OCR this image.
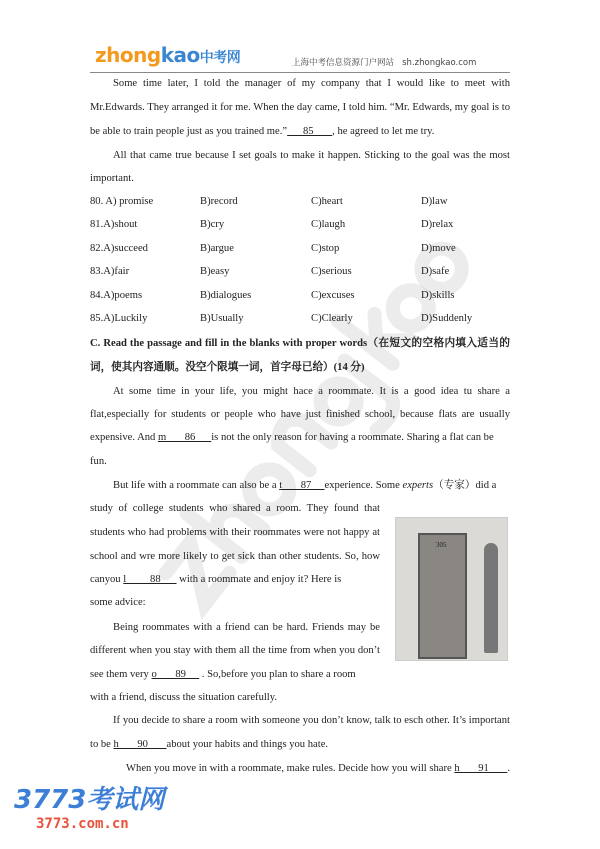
zhongkao中考网	上海中考信息资源门户网站 sh.zhongkao.com
Some time later, I told the manager of my company that I would like to meet with
Mr.Edwards. They arranged it for me. When the day came, I told him. “Mr. Edwards, my goal is to
be able to train people just as you trained me.”      85       , he agreed to let me try.
All that came true because I set goals to make it happen. Sticking to the goal was the most
important.
80. A) promise	B)record	C)heart	D)law
81.A)shout	B)cry	C)laugh	D)relax
82.A)succeed	B)argue	C)stop	D)move
83.A)fair	B)easy	C)serious	D)safe
84.A)poems	B)dialogues	C)excuses	D)skills
85.A)Luckily	B)Usually	C)Clearly	D)Suddenly
C. Read the passage and fill in the blanks with proper words（在短文的空格内填入适当的
词，使其内容通顺。没空个限填一词，首字母已给）(14 分)
At some time in your life, you might hace a roommate. It is a good idea tu share a
flat,especially for students or people who have just finished school, because flats are usually
expensive. And m       86      is not the only reason for having a roommate. Sharing a flat can be
fun.
But life with a roommate can also be a t       87     experience. Some experts（专家）did a
study of college students who shared a room. They found that
students who had problems with their roommates were not happy at
school and wre more likely to get sick than other students. So, how
canyou l         88       with a roommate and enjoy it? Here is
some advice:
Being roommates with a friend can be hard. Friends may be
different when you stay with them all the time from when you don’t
see them very o       89      . So,before you plan to share a room
with a friend, discuss the situation carefully.
305
If you decide to share a room with someone you don’t know, talk to esch other. It’s important
to be h       90       about your habits and things you hate.
When you move in with a roommate, make rules. Decide how you will share h       91       .
3773考试网
3773.com.cn
